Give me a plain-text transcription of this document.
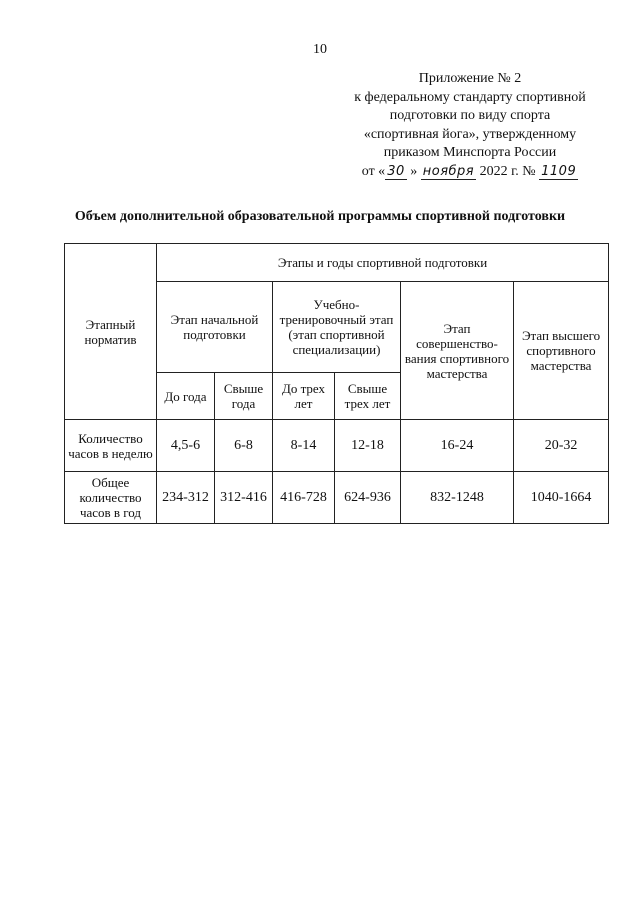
10
Приложение № 2
к федеральному стандарту спортивной
подготовки по виду спорта
«спортивная йога», утвержденному
приказом Минспорта России
от « 30 » ноября 2022 г. № 1109
Объем дополнительной образовательной программы спортивной подготовки
Этапный норматив	Этапы и годы спортивной подготовки					
	Этап начальной подготовки		Учебно-тренировочный этап (этап спортивной специализации)		Этап совершенство-вания спортивного мастерства	Этап высшего спортивного мастерства
	До года	Свыше года	До трех лет	Свыше трех лет		
Количество часов в неделю	4,5-6	6-8	8-14	12-18	16-24	20-32
Общее количество часов в год	234-312	312-416	416-728	624-936	832-1248	1040-1664
